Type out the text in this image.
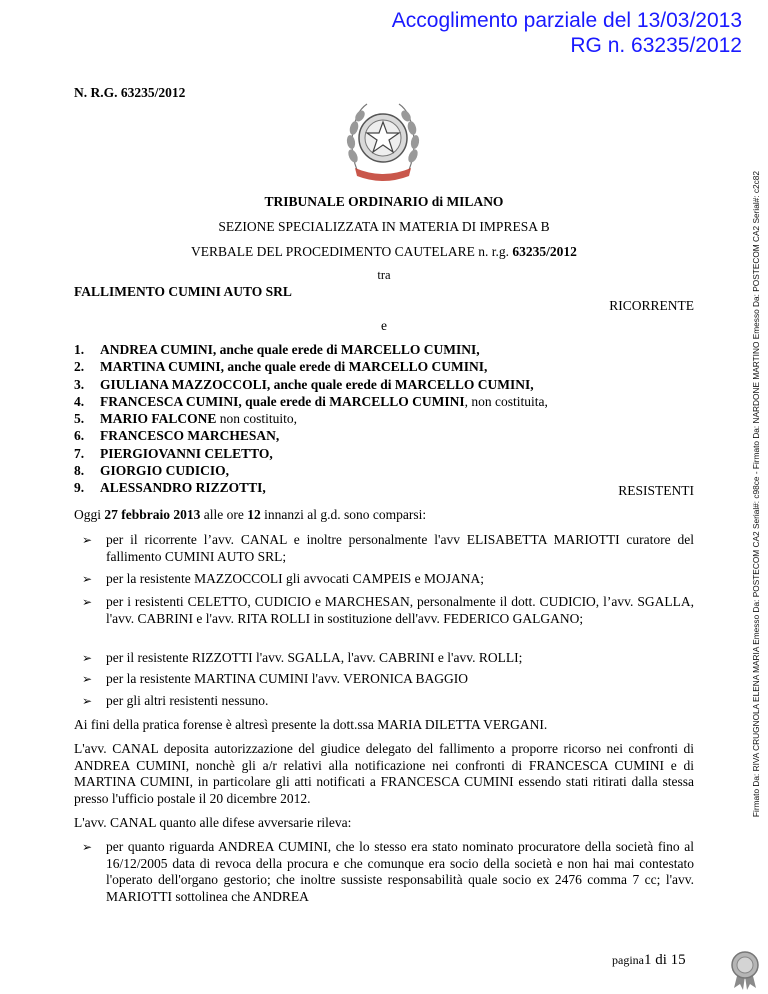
Accoglimento parziale del 13/03/2013
RG n. 63235/2012
Firmato Da: RIVA CRUGNOLA ELENA MARIA Emesso Da: POSTECOM CA2 Serial#: c98ce - Firmato Da: NARDONE MARTINO Emesso Da: POSTECOM CA2 Serial#: c2c82
N. R.G. 63235/2012
TRIBUNALE ORDINARIO di MILANO
SEZIONE SPECIALIZZATA IN MATERIA DI IMPRESA B
VERBALE DEL PROCEDIMENTO CAUTELARE n. r.g. 63235/2012
tra
FALLIMENTO CUMINI AUTO SRL
RICORRENTE
e
1.	ANDREA CUMINI, anche quale erede di MARCELLO CUMINI,
2.	MARTINA CUMINI, anche quale erede di MARCELLO CUMINI,
3.	GIULIANA MAZZOCCOLI, anche quale erede di MARCELLO CUMINI,
4.	FRANCESCA CUMINI, quale erede di MARCELLO CUMINI, non costituita,
5.	MARIO FALCONE non costituito,
6.	FRANCESCO MARCHESAN,
7.	PIERGIOVANNI CELETTO,
8.	GIORGIO CUDICIO,
9.	ALESSANDRO RIZZOTTI,	RESISTENTI
Oggi 27 febbraio 2013 alle ore 12 innanzi al g.d. sono comparsi:
➢	per il ricorrente l’avv. CANAL e inoltre personalmente l'avv ELISABETTA MARIOTTI curatore del fallimento CUMINI AUTO SRL;
➢	per la resistente MAZZOCCOLI gli avvocati CAMPEIS e MOJANA;
➢	per i resistenti CELETTO, CUDICIO e MARCHESAN, personalmente il dott. CUDICIO, l’avv. SGALLA, l'avv. CABRINI e l'avv. RITA ROLLI in sostituzione dell'avv. FEDERICO GALGANO;
➢	per il resistente RIZZOTTI l'avv. SGALLA, l'avv. CABRINI e l'avv. ROLLI;
➢	per la resistente MARTINA CUMINI l'avv. VERONICA BAGGIO
➢	per gli altri resistenti nessuno.
Ai fini della pratica forense è altresì presente la dott.ssa MARIA DILETTA VERGANI.
L'avv. CANAL deposita autorizzazione del giudice delegato del fallimento a proporre ricorso nei confronti di ANDREA CUMINI, nonchè gli a/r relativi alla notificazione nei confronti di FRANCESCA CUMINI e di MARTINA CUMINI, in particolare gli atti notificati a FRANCESCA CUMINI essendo stati ritirati dalla stessa presso l'ufficio postale il 20 dicembre 2012.
L'avv. CANAL quanto alle difese avversarie rileva:
➢	per quanto riguarda ANDREA CUMINI, che lo stesso era stato nominato procuratore della società fino al 16/12/2005 data di revoca della procura e che comunque era socio della società e non hai mai contestato l'operato dell'organo gestorio; che inoltre sussiste responsabilità quale socio ex 2476 comma 7 cc; l'avv. MARIOTTI sottolinea che ANDREA
pagina1 di 15
